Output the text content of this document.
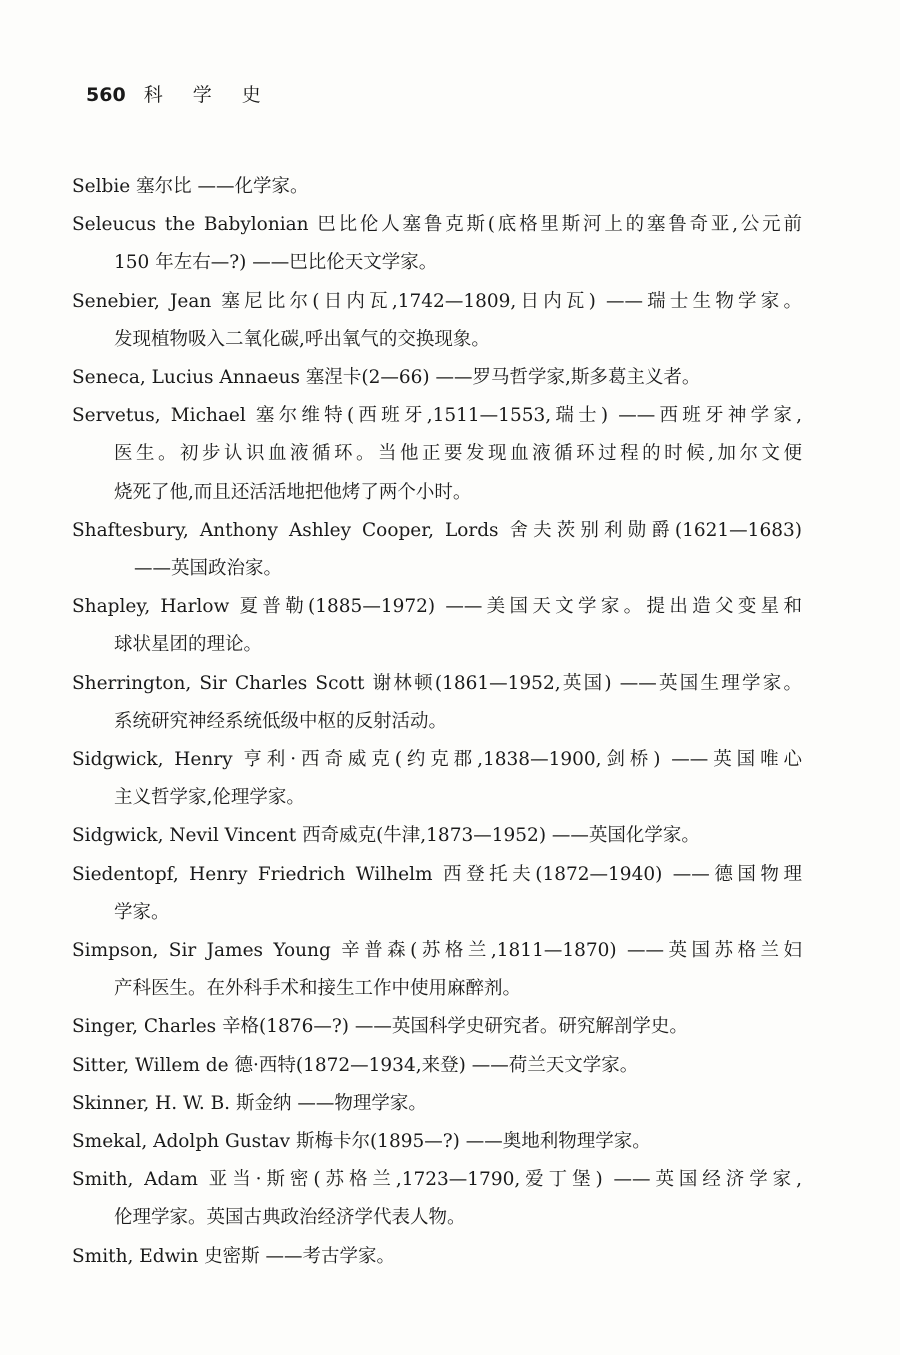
560 科 学 史
Selbie 塞尔比 ——化学家。
Seleucus the Babylonian 巴比伦人塞鲁克斯(底格里斯河上的塞鲁奇亚,公元前
150 年左右—?) ——巴比伦天文学家。
Senebier, Jean 塞尼比尔(日内瓦,1742—1809,日内瓦) ——瑞士生物学家。
发现植物吸入二氧化碳,呼出氧气的交换现象。
Seneca, Lucius Annaeus 塞涅卡(2—66) ——罗马哲学家,斯多葛主义者。
Servetus, Michael 塞尔维特(西班牙,1511—1553,瑞士) ——西班牙神学家,
医生。初步认识血液循环。当他正要发现血液循环过程的时候,加尔文便
烧死了他,而且还活活地把他烤了两个小时。
Shaftesbury, Anthony Ashley Cooper, Lords 舍夫茨别利勋爵(1621—1683)
——英国政治家。
Shapley, Harlow 夏普勒(1885—1972) ——美国天文学家。提出造父变星和
球状星团的理论。
Sherrington, Sir Charles Scott 谢林顿(1861—1952,英国) ——英国生理学家。
系统研究神经系统低级中枢的反射活动。
Sidgwick, Henry 亨利·西奇威克(约克郡,1838—1900,剑桥) ——英国唯心
主义哲学家,伦理学家。
Sidgwick, Nevil Vincent 西奇威克(牛津,1873—1952) ——英国化学家。
Siedentopf, Henry Friedrich Wilhelm 西登托夫(1872—1940) ——德国物理
学家。
Simpson, Sir James Young 辛普森(苏格兰,1811—1870) ——英国苏格兰妇
产科医生。在外科手术和接生工作中使用麻醉剂。
Singer, Charles 辛格(1876—?) ——英国科学史研究者。研究解剖学史。
Sitter, Willem de 德·西特(1872—1934,来登) ——荷兰天文学家。
Skinner, H. W. B. 斯金纳 ——物理学家。
Smekal, Adolph Gustav 斯梅卡尔(1895—?) ——奥地利物理学家。
Smith, Adam 亚当·斯密(苏格兰,1723—1790,爱丁堡) ——英国经济学家,
伦理学家。英国古典政治经济学代表人物。
Smith, Edwin 史密斯 ——考古学家。
